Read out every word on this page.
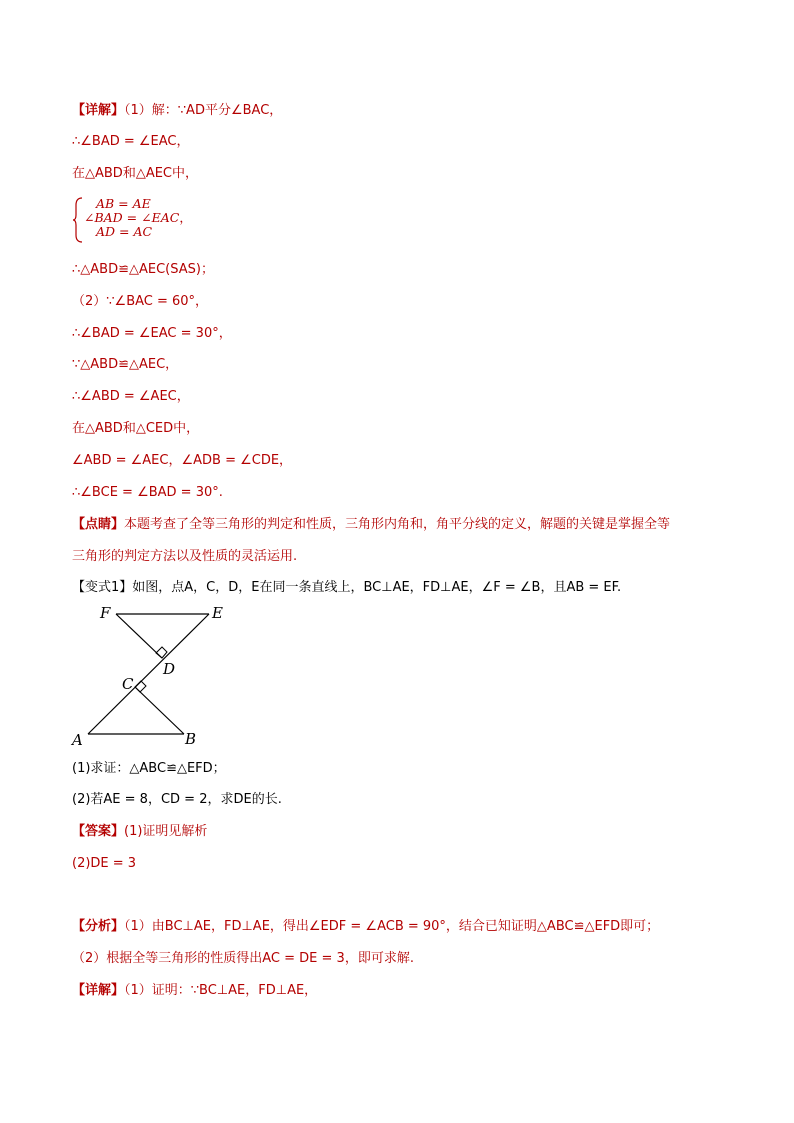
【详解】（1）解：∵AD平分∠BAC，
∴∠BAD = ∠EAC，
在△ABD和△AEC中，
AB = AE
∠BAD = ∠EAC，
AD = AC
∴△ABD≌△AEC(SAS)；
（2）∵∠BAC = 60°，
∴∠BAD = ∠EAC = 30°，
∵△ABD≌△AEC，
∴∠ABD = ∠AEC，
在△ABD和△CED中，
∠ABD = ∠AEC，∠ADB = ∠CDE，
∴∠BCE = ∠BAD = 30°.
【点睛】本题考查了全等三角形的判定和性质，三角形内角和，角平分线的定义，解题的关键是掌握全等
三角形的判定方法以及性质的灵活运用.
【变式1】如图，点A，C，D，E在同一条直线上，BC⊥AE，FD⊥AE，∠F = ∠B，且AB = EF.
F	E
D
C
A	B
(1)求证：△ABC≌△EFD；
(2)若AE = 8，CD = 2，求DE的长.
【答案】(1)证明见解析
(2)DE = 3
【分析】（1）由BC⊥AE，FD⊥AE，得出∠EDF = ∠ACB = 90°，结合已知证明△ABC≌△EFD即可；
（2）根据全等三角形的性质得出AC = DE = 3，即可求解.
【详解】（1）证明：∵BC⊥AE，FD⊥AE，
